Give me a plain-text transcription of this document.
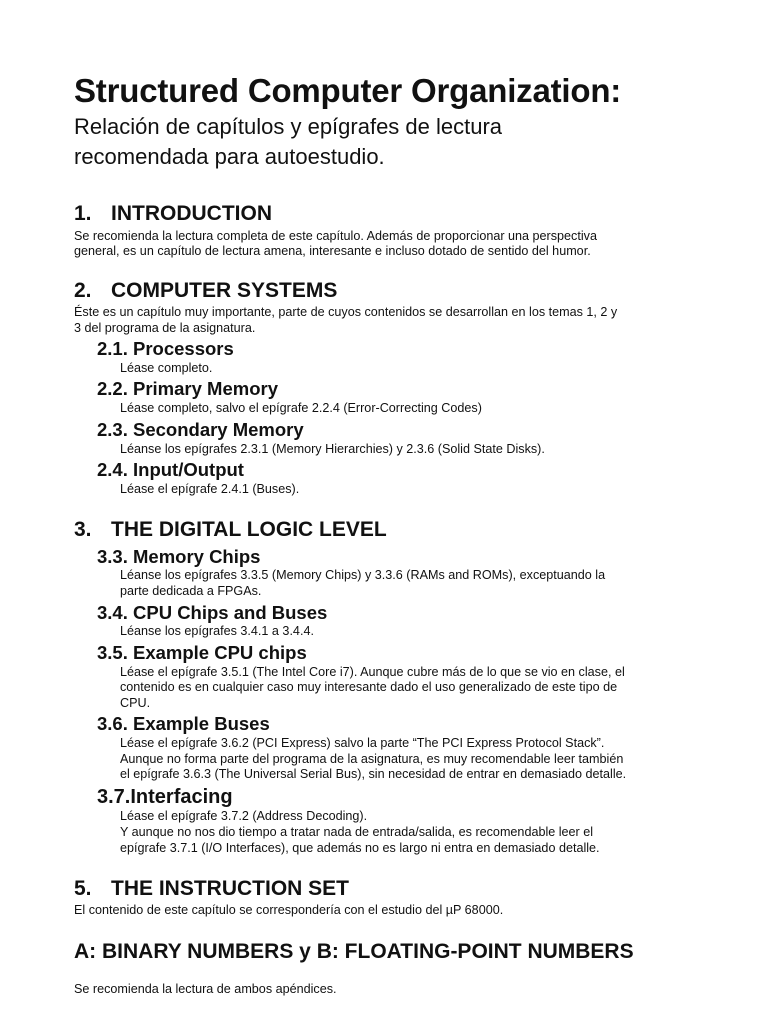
Structured Computer Organization:
Relación de capítulos y epígrafes de lectura
recomendada para autoestudio.
1. INTRODUCTION

Se recomienda la lectura completa de este capítulo. Además de proporcionar una perspectiva
general, es un capítulo de lectura amena, interesante e incluso dotado de sentido del humor.

2. COMPUTER SYSTEMS

Éste es un capítulo muy importante, parte de cuyos contenidos se desarrollan en los temas 1, 2 y
3 del programa de la asignatura.

2.1. Processors

Léase completo.

2.2. Primary Memory

Léase completo, salvo el epígrafe 2.2.4 (Error-Correcting Codes)

2.3. Secondary Memory

Léanse los epígrafes 2.3.1 (Memory Hierarchies) y 2.3.6 (Solid State Disks).

2.4. Input/Output

Léase el epígrafe 2.4.1 (Buses).

3. THE DIGITAL LOGIC LEVEL
3.3. Memory Chips

Léanse los epígrafes 3.3.5 (Memory Chips) y 3.3.6 (RAMs and ROMs), exceptuando la
parte dedicada a FPGAs.

3.4. CPU Chips and Buses

Léanse los epígrafes 3.4.1 a 3.4.4.

3.5. Example CPU chips

Léase el epígrafe 3.5.1 (The Intel Core i7). Aunque cubre más de lo que se vio en clase, el
contenido es en cualquier caso muy interesante dado el uso generalizado de este tipo de
CPU.

3.6. Example Buses

Léase el epígrafe 3.6.2 (PCI Express) salvo la parte “The PCI Express Protocol Stack”.
Aunque no forma parte del programa de la asignatura, es muy recomendable leer también
el epígrafe 3.6.3 (The Universal Serial Bus), sin necesidad de entrar en demasiado detalle.

3.7.Interfacing

Léase el epígrafe 3.7.2 (Address Decoding).
Y aunque no nos dio tiempo a tratar nada de entrada/salida, es recomendable leer el
epígrafe 3.7.1 (I/O Interfaces), que además no es largo ni entra en demasiado detalle.

5. THE INSTRUCTION SET

El contenido de este capítulo se correspondería con el estudio del µP 68000.

A: BINARY NUMBERS y B: FLOATING-POINT NUMBERS

Se recomienda la lectura de ambos apéndices.
